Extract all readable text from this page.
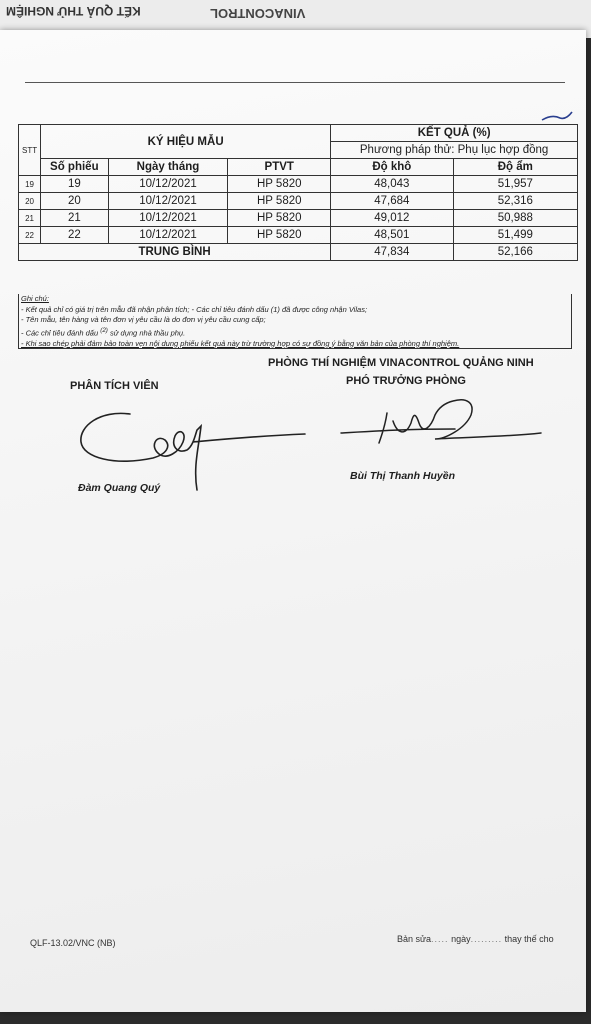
KẾT QUẢ THỬ NGHIỆM	VINACONTROL
STT	KÝ HIỆU MẪU			KẾT QUẢ (%)	
				Phương pháp thử: Phụ lục hợp đồng	
	Số phiếu	Ngày tháng	PTVT	Độ khô	Độ ẩm
19	19	10/12/2021	HP 5820	48,043	51,957
20	20	10/12/2021	HP 5820	47,684	52,316
21	21	10/12/2021	HP 5820	49,012	50,988
22	22	10/12/2021	HP 5820	48,501	51,499
TRUNG BÌNH				47,834	52,166
Ghi chú:
- Kết quả chỉ có giá trị trên mẫu đã nhận phân tích; - Các chỉ tiêu đánh dấu (1) đã được công nhận Vilas;
- Tên mẫu, tên hàng và tên đơn vị yêu cầu là do đơn vị yêu cầu cung cấp;
- Các chỉ tiêu đánh dấu $^{(2)}$ sử dụng nhà thầu phụ.
- Khi sao chép phải đảm bảo toàn vẹn nội dung phiếu kết quả này trừ trường hợp có sự đồng ý bằng văn bản của phòng thí nghiệm.
PHÒNG THÍ NGHIỆM VINACONTROL QUẢNG NINH
PHÂN TÍCH VIÊN	PHÓ TRƯỞNG PHÒNG
Đàm Quang Quý
Bùi Thị Thanh Huyền
QLF-13.02/VNC (NB)	Bản sửa..... ngày......... thay thế cho
